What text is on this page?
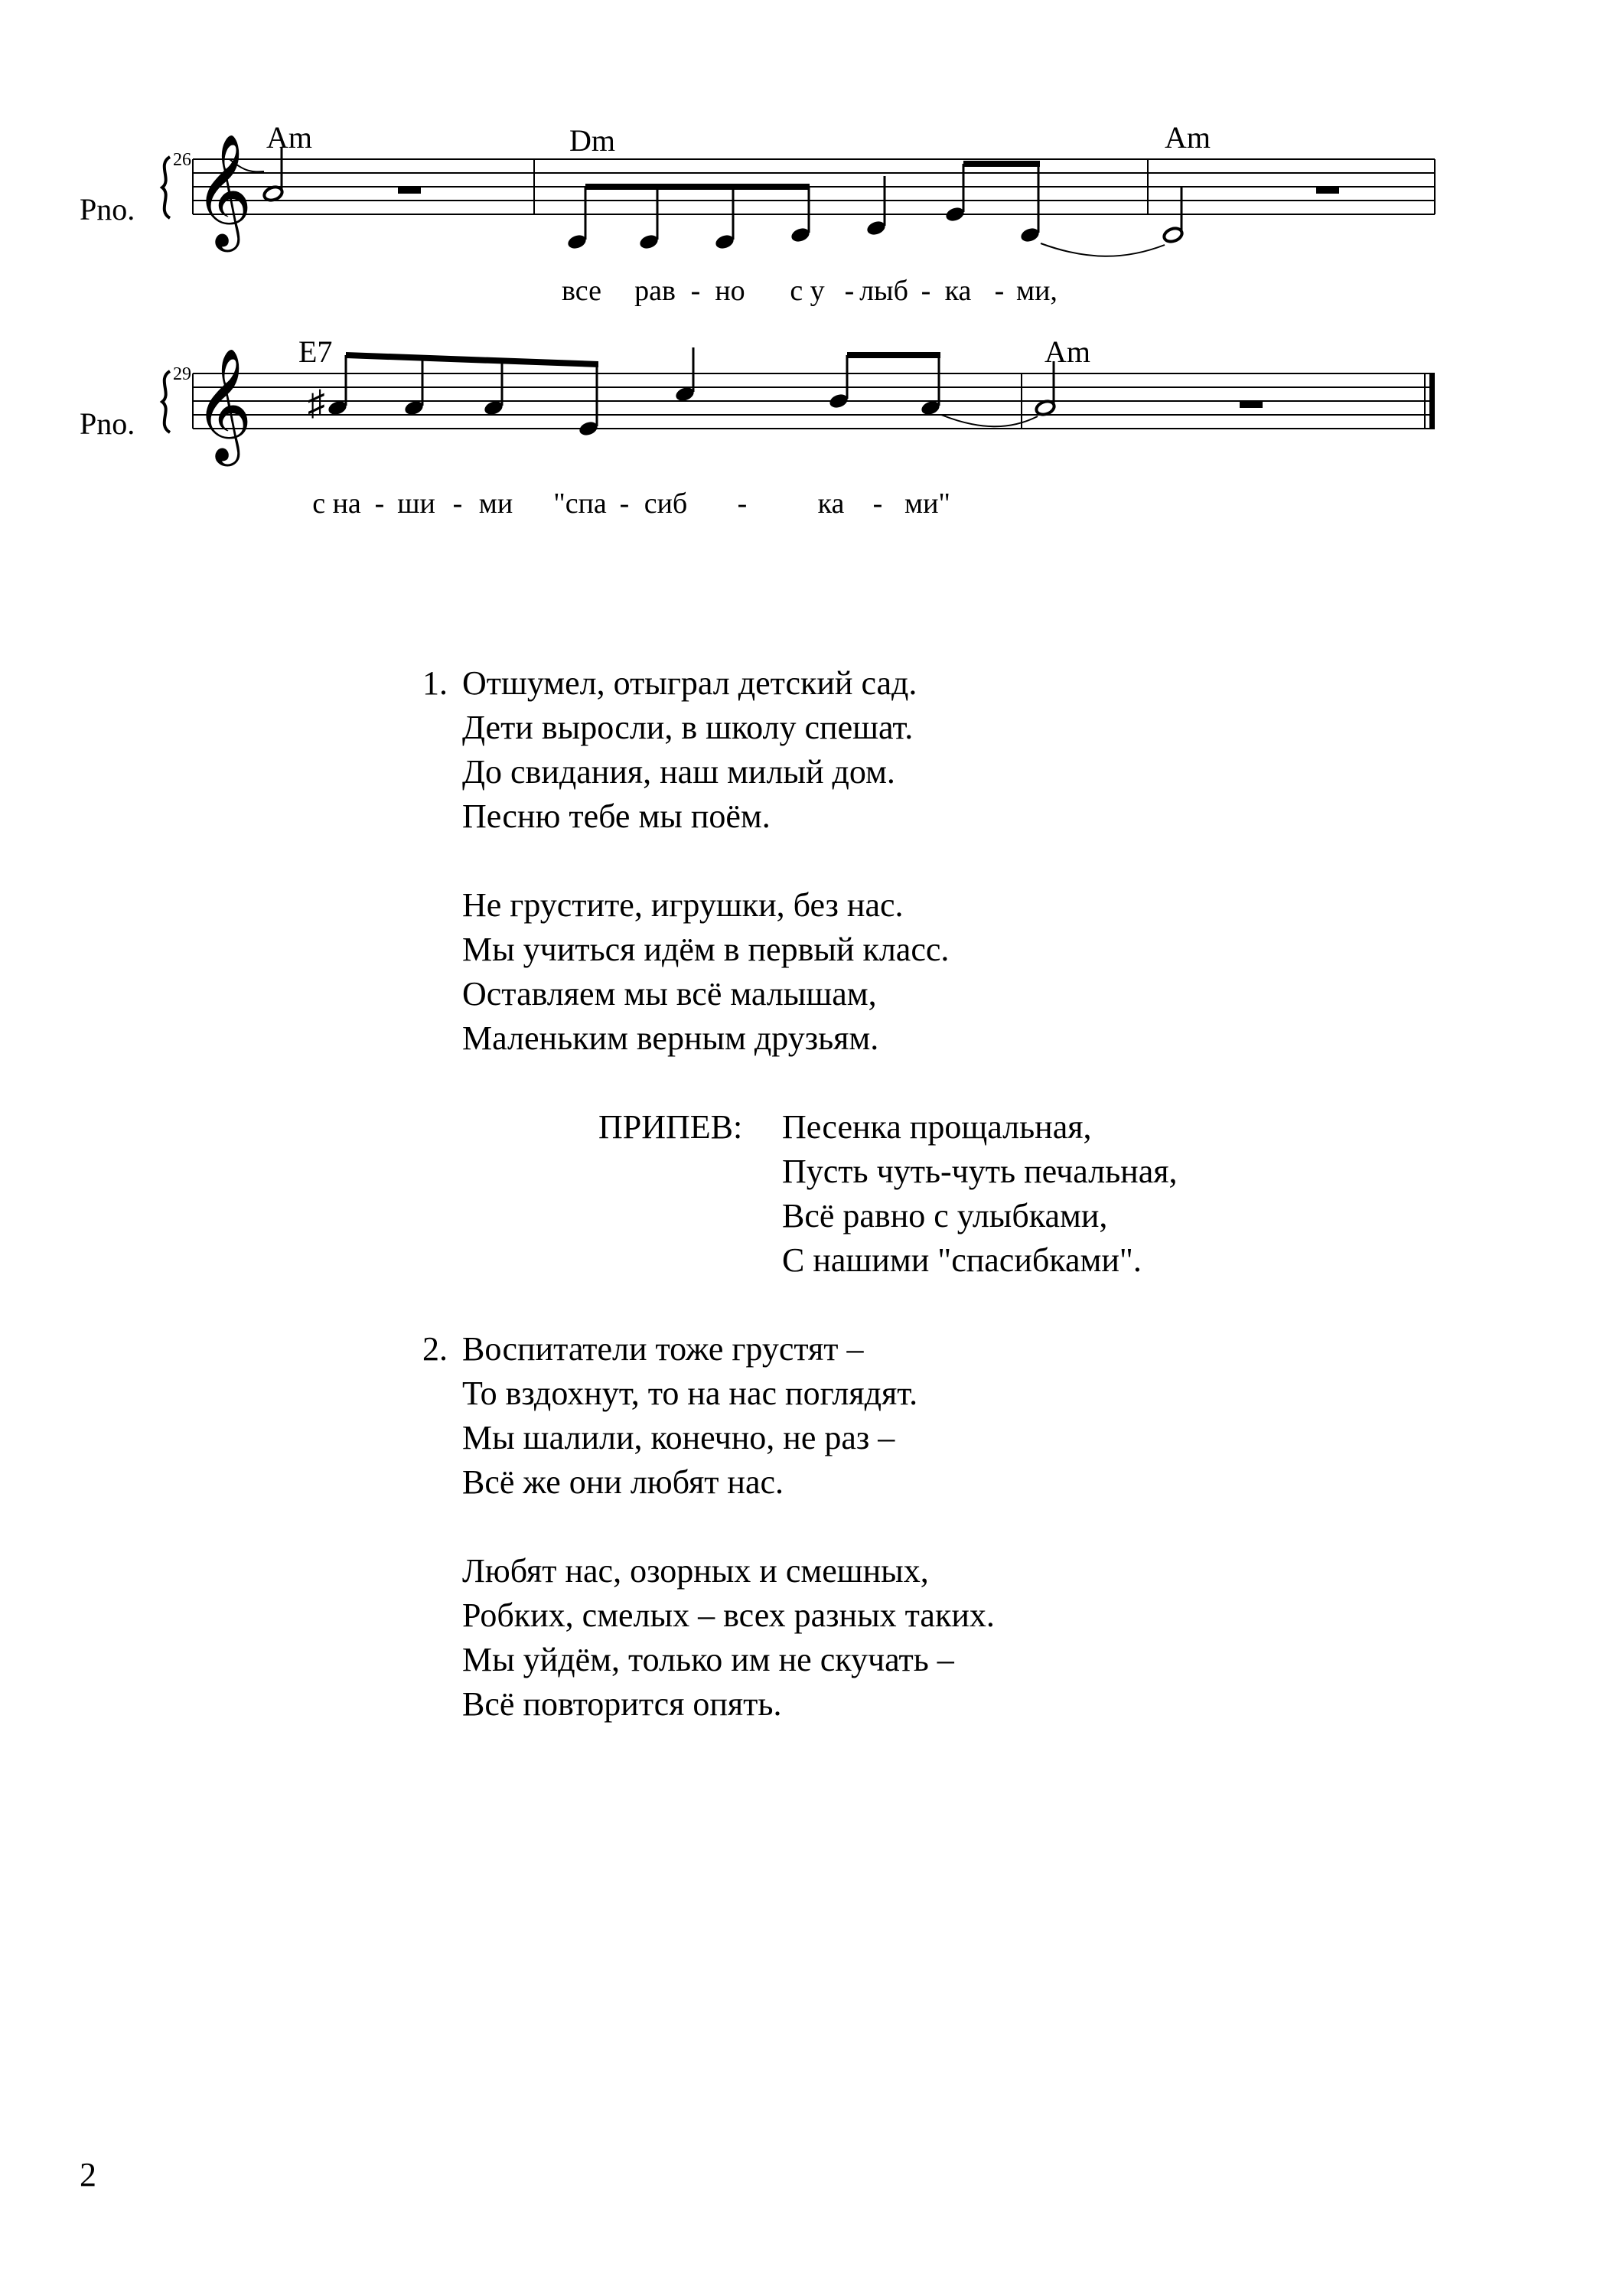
Pno.
26
Am	Dm	Am
𝄞
все	рав - но	с у - лыб - ка - ми,
Pno.
29
E7	Am
𝄞 ♯
с на - ши - ми	"спа - сиб	-	ка - ми"
1. Отшумел, отыграл детский сад.
Дети выросли, в школу спешат.
До свидания, наш милый дом.
Песню тебе мы поём.
Не грустите, игрушки, без нас.
Мы учиться идём в первый класс.
Оставляем мы всё малышам,
Маленьким верным друзьям.
ПРИПЕВ: Песенка прощальная,
Пусть чуть-чуть печальная,
Всё равно с улыбками,
С нашими "спасибками".
2. Воспитатели тоже грустят –
То вздохнут, то на нас поглядят.
Мы шалили, конечно, не раз –
Всё же они любят нас.
Любят нас, озорных и смешных,
Робких, смелых – всех разных таких.
Мы уйдём, только им не скучать –
Всё повторится опять.
2
